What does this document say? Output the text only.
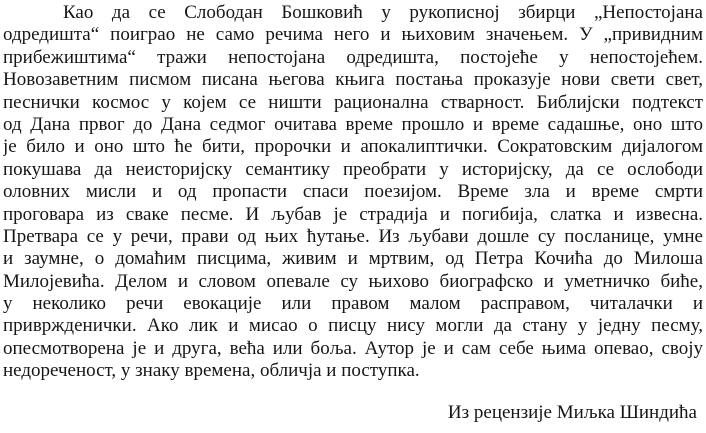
Као да се Слободан Бошковић у рукописној збирци „Непостојана
одредишта“ поиграо не само речима него и њиховим значењем. У „привидним
прибежиштима“ тражи непостојана одредишта, постојеће у непостојећем.
Новозаветним писмом писана његова књига постања проказује нови свети свет,
песнички космос у којем се ништи рационална стварност. Библијски подтекст
од Дана првог до Дана седмог очитава време прошло и време садашње, оно што
је било и оно што ће бити, пророчки и апокалиптички. Сократовским дијалогом
покушава да неисторијску семантику преобрати у историјску, да се ослободи
оловних мисли и од пропасти спаси поезијом. Време зла и време смрти
проговара из сваке песме. И љубав је страдија и погибија, слатка и извесна.
Претвара се у речи, прави од њих ћутање. Из љубави дошле су посланице, умне
и заумне, о домаћим писцима, живим и мртвим, од Петра Кочића до Милоша
Милојевића. Делом и словом опевале су њихово биографско и уметничко биће,
у неколико речи евокације или правом малом расправом, читалачки и
привржденички. Ако лик и мисао о писцу нису могли да стану у једну песму,
опесмотворена је и друга, већа или боља. Аутор је и сам себе њима опевао, своју
недореченост, у знаку времена, обличја и поступка.

Из рецензије Миљка Шиндића
